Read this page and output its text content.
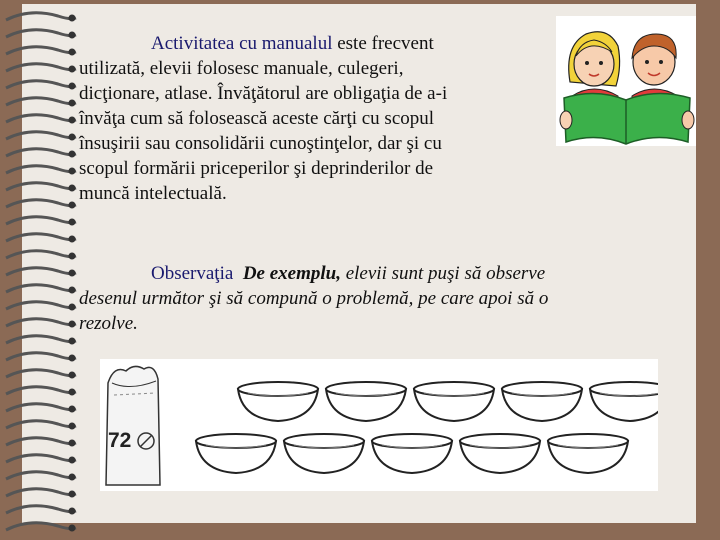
Activitatea cu manualul este frecvent
utilizată, elevii folosesc manuale, culegeri,
dicţionare, atlase. Învăţătorul are obligaţia de a-i
învăţa cum să folosească aceste cărţi cu scopul
însuşirii sau consolidării cunoştinţelor, dar şi cu
scopul formării priceperilor şi deprinderilor de
muncă intelectuală.
Observaţia De exemplu, elevii sunt puşi să observe
desenul următor şi să compună o problemă, pe care apoi să o
rezolve.
72
